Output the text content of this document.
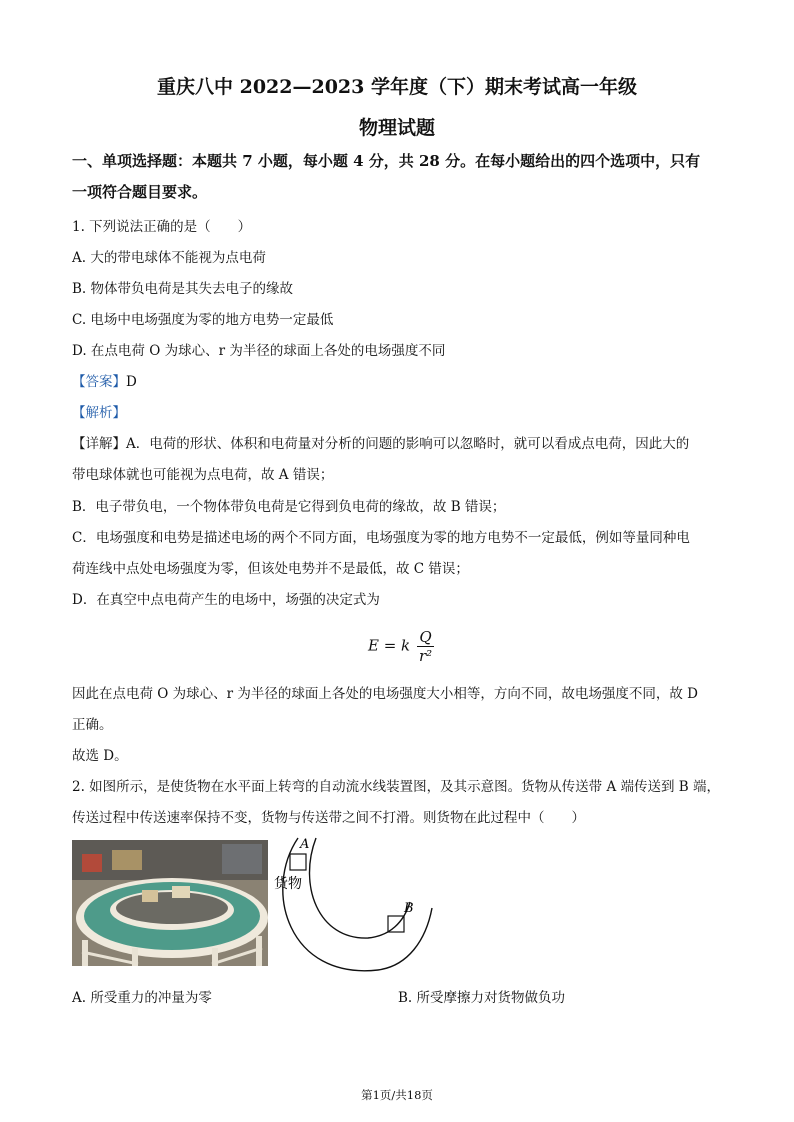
重庆八中 2022—2023 学年度（下）期末考试高一年级
物理试题
一、单项选择题：本题共 7 小题，每小题 4 分，共 28 分。在每小题给出的四个选项中，只有
一项符合题目要求。
1. 下列说法正确的是（　　）
A. 大的带电球体不能视为点电荷
B. 物体带负电荷是其失去电子的缘故
C. 电场中电场强度为零的地方电势一定最低
D. 在点电荷 O 为球心、r 为半径的球面上各处的电场强度不同
【答案】D
【解析】
【详解】A．电荷的形状、体积和电荷量对分析的问题的影响可以忽略时，就可以看成点电荷，因此大的
带电球体就也可能视为点电荷，故 A 错误；
B．电子带负电，一个物体带负电荷是它得到负电荷的缘故，故 B 错误；
C．电场强度和电势是描述电场的两个不同方面，电场强度为零的地方电势不一定最低，例如等量同种电
荷连线中点处电场强度为零，但该处电势并不是最低，故 C 错误；
D．在真空中点电荷产生的电场中，场强的决定式为
E = k $\frac{Q}{\text{r²}}$
因此在点电荷 O 为球心、r 为半径的球面上各处的电场强度大小相等，方向不同，故电场强度不同，故 D
正确。
故选 D。
2. 如图所示，是使货物在水平面上转弯的自动流水线装置图，及其示意图。货物从传送带 A 端传送到 B 端，
传送过程中传送速率保持不变，货物与传送带之间不打滑。则货物在此过程中（　　）
A
B
货物
A. 所受重力的冲量为零	B. 所受摩擦力对货物做负功
第1页/共18页
